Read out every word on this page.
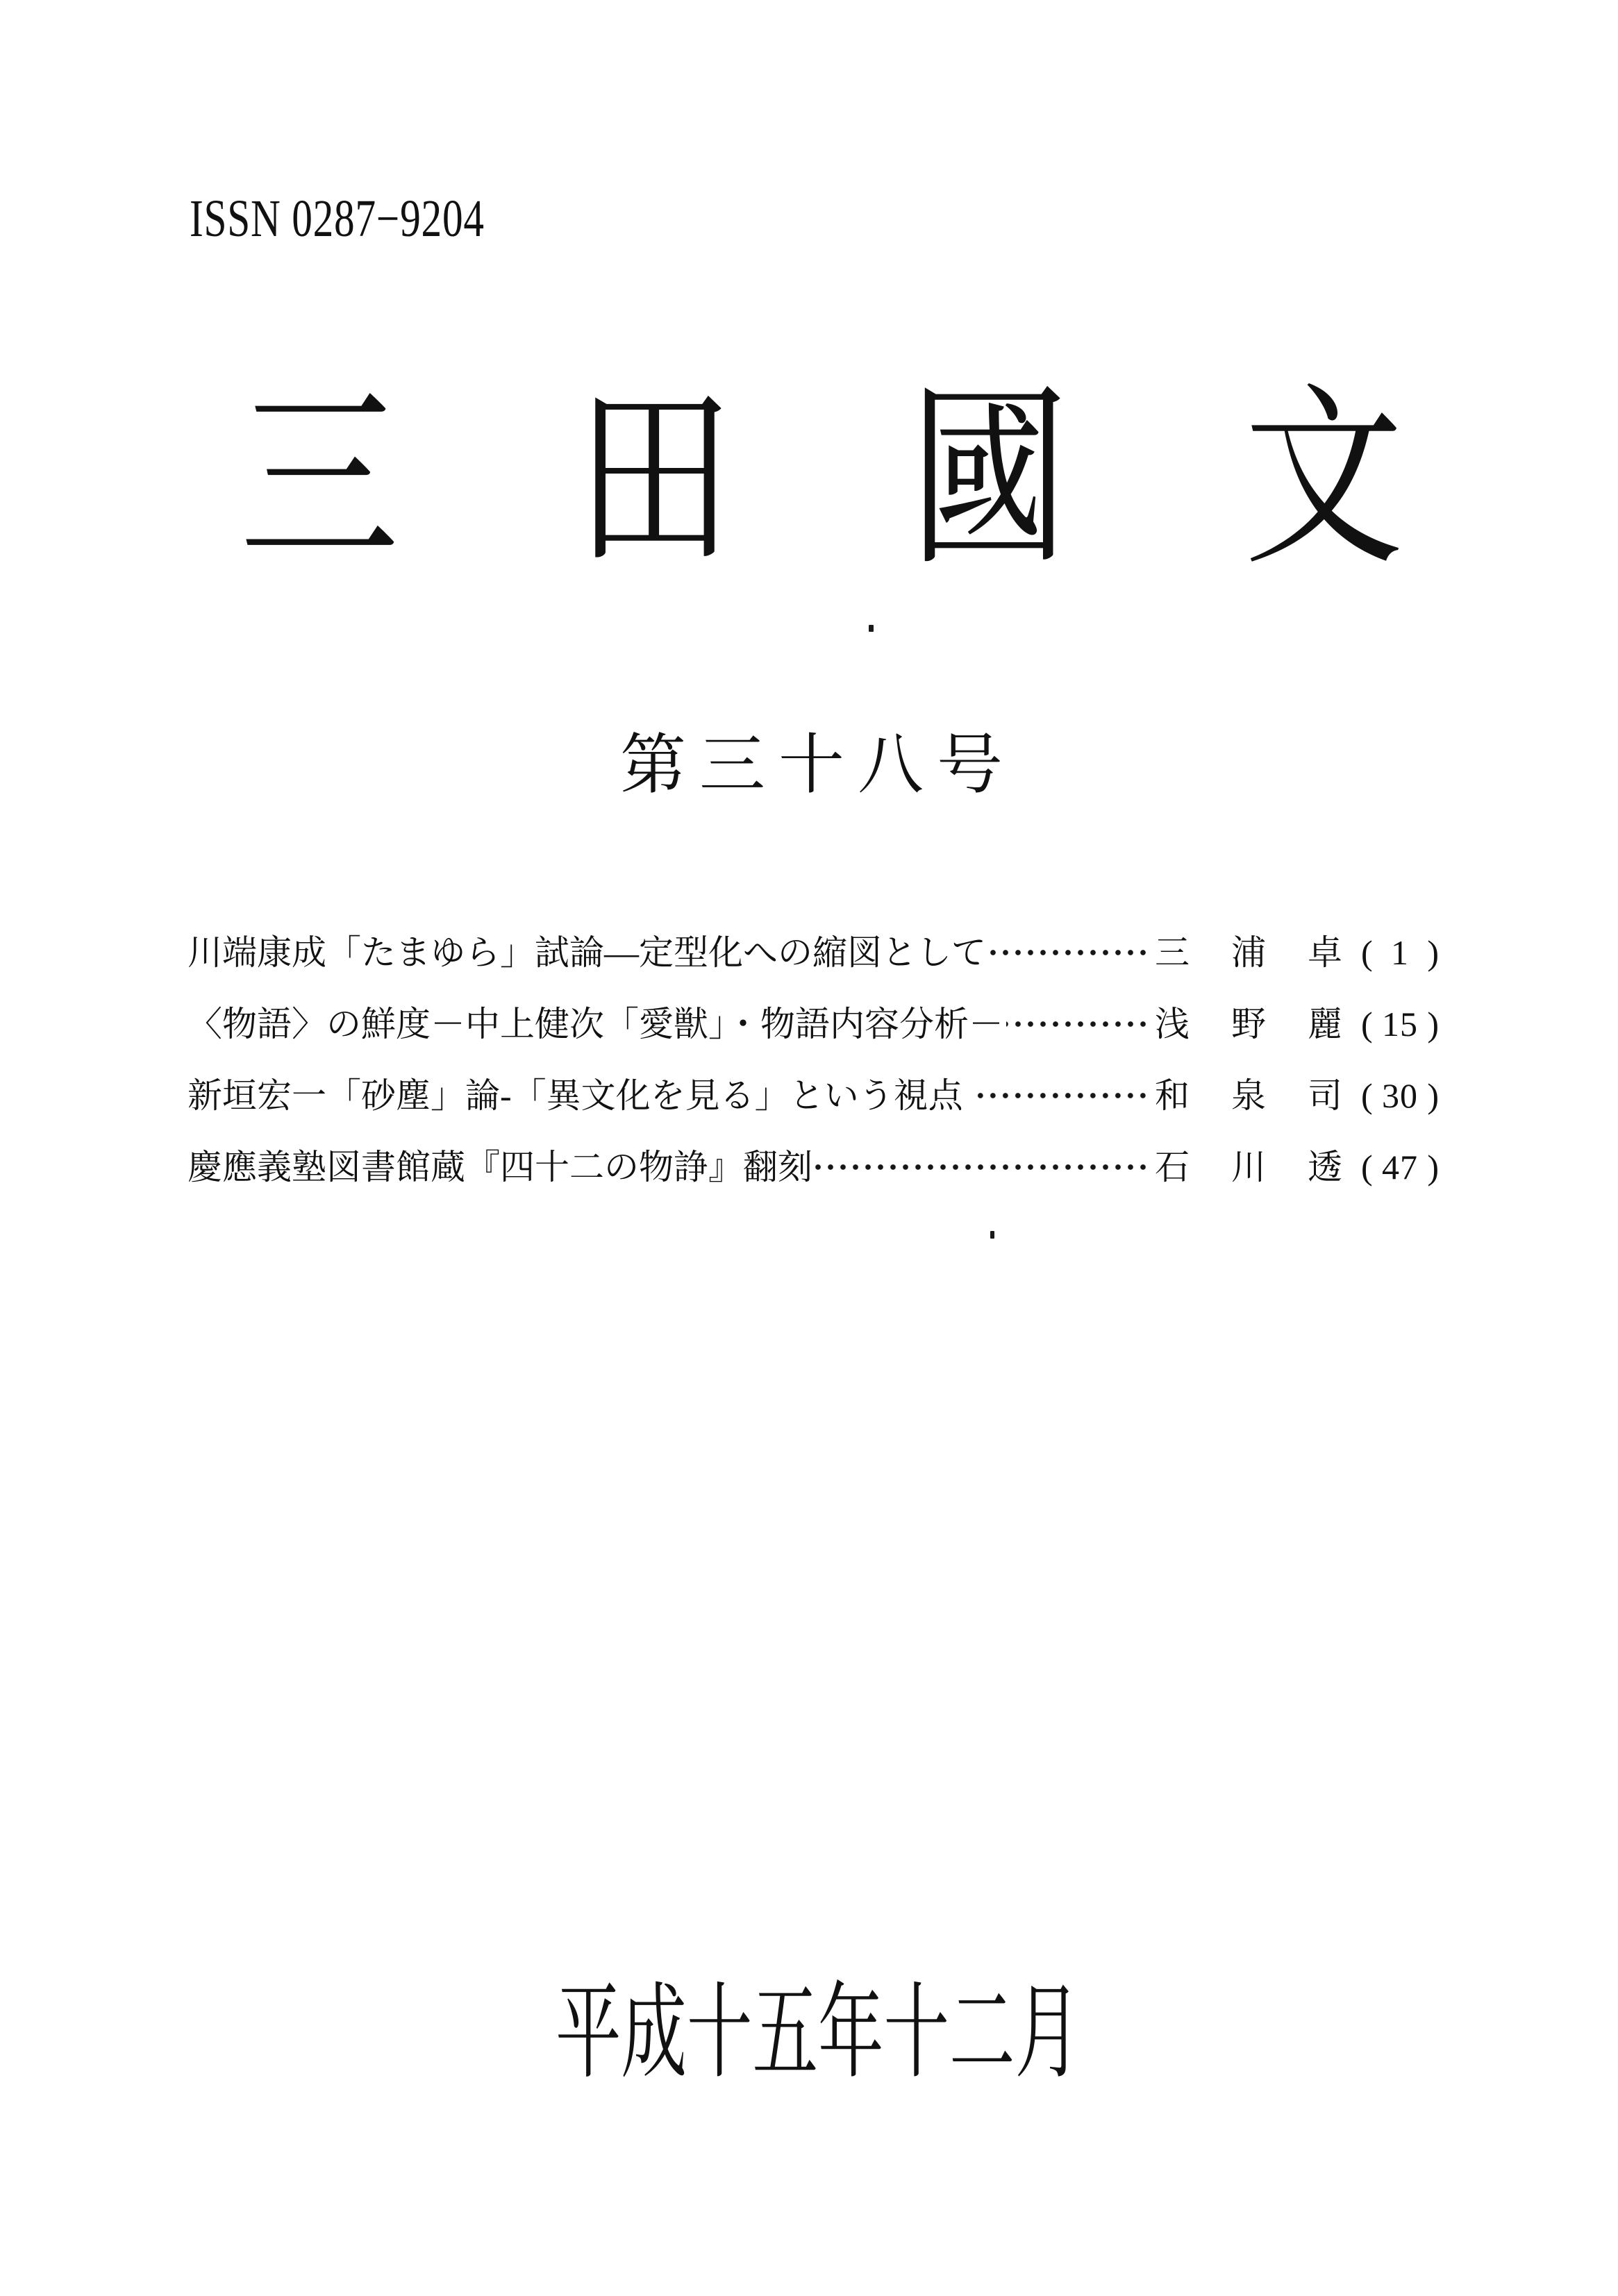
ISSN 0287−9204
三 田 國 文
第 三 十 八 号
川端康成「たまゆら」試論―定型化への縮図として	三 浦 卓 ( 1 )
〈物語〉の鮮度－中上健次「愛獣」・物語内容分析－	浅 野 麗 ( 15 )
新垣宏一「砂塵」論-「異文化を見る」という視点	和 泉 司 ( 30 )
慶應義塾図書館蔵『四十二の物諍』翻刻	石 川 透 ( 47 )
平成十五年十二月
